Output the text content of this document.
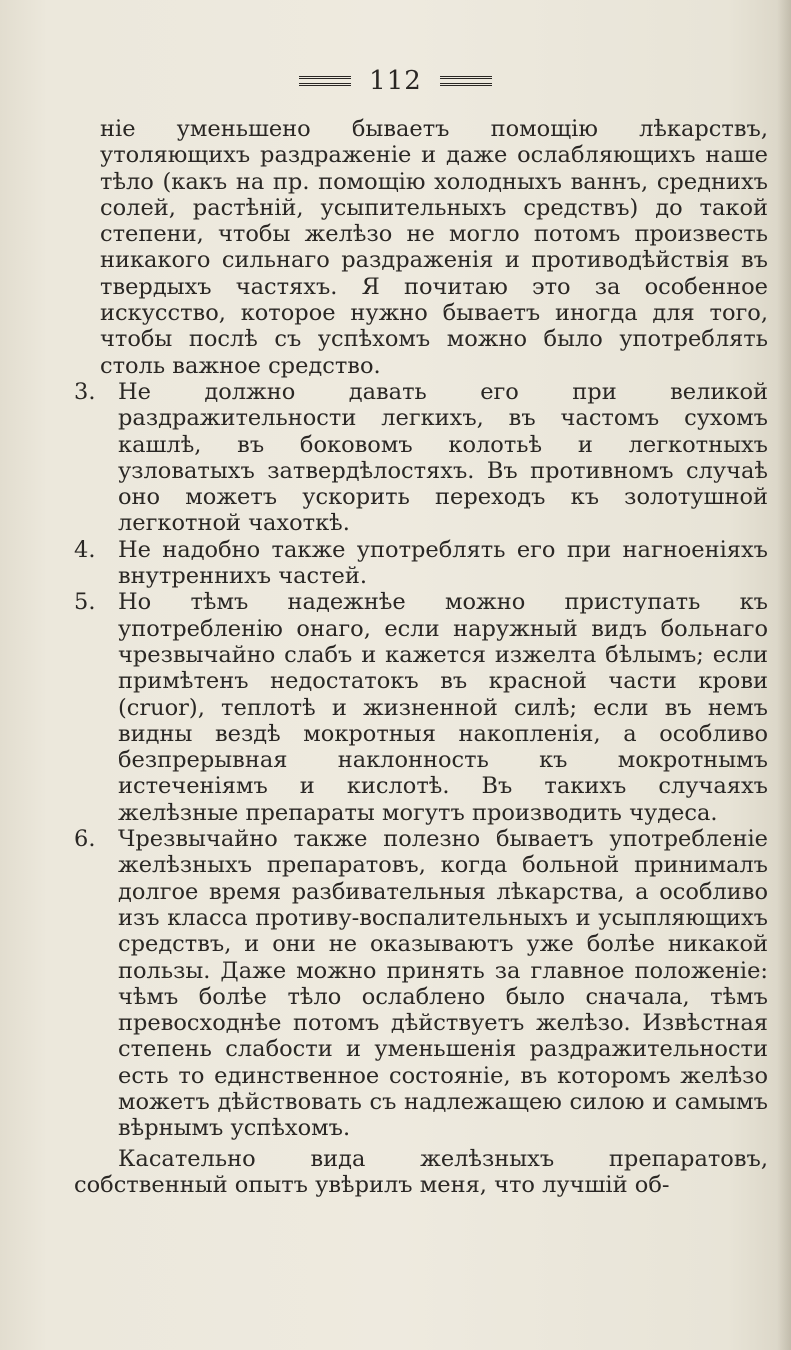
112

ніе уменьшено бываетъ помощію лѣкарствъ, утоляющихъ раздраженіе и даже ослабляющихъ наше тѣло (какъ на пр. помощію холодныхъ ваннъ, среднихъ солей, растѣній, усыпительныхъ средствъ) до такой степени, чтобы желѣзо не могло потомъ произвесть никакого сильнаго раздраженія и противодѣйствія въ твердыхъ частяхъ. Я почитаю это за особенное искусство, которое нужно бываетъ иногда для того, чтобы послѣ съ успѣхомъ можно было употреблять столь важное средство.

3. Не должно давать его при великой раздражительности легкихъ, въ частомъ сухомъ кашлѣ, въ боковомъ колотьѣ и легкотныхъ узловатыхъ затвердѣлостяхъ. Въ противномъ случаѣ оно можетъ ускорить переходъ къ золотушной легкотной чахоткѣ.
4. Не надобно также употреблять его при нагноеніяхъ внутреннихъ частей.
5. Но тѣмъ надежнѣе можно приступать къ употребленію онаго, если наружный видъ больнаго чрезвычайно слабъ и кажется изжелта бѣлымъ; если примѣтенъ недостатокъ въ красной части крови (cruor), теплотѣ и жизненной силѣ; если въ немъ видны вездѣ мокротныя накопленія, а особливо безпрерывная наклонность къ мокротнымъ истеченіямъ и кислотѣ. Въ такихъ случаяхъ желѣзные препараты могутъ производить чудеса.
6. Чрезвычайно также полезно бываетъ употребленіе желѣзныхъ препаратовъ, когда больной принималъ долгое время разбивательныя лѣкарства, а особливо изъ класса противу-воспалительныхъ и усыпляющихъ средствъ, и они не оказываютъ уже болѣе никакой пользы. Даже можно принять за главное положеніе: чѣмъ болѣе тѣло ослаблено было сначала, тѣмъ превосходнѣе потомъ дѣйствуетъ желѣзо. Извѣстная степень слабости и уменьшенія раздражительности есть то единственное состояніе, въ которомъ желѣзо можетъ дѣйствовать съ надлежащею силою и самымъ вѣрнымъ успѣхомъ.

Касательно вида желѣзныхъ препаратовъ, собственный опытъ увѣрилъ меня, что лучшій об-
